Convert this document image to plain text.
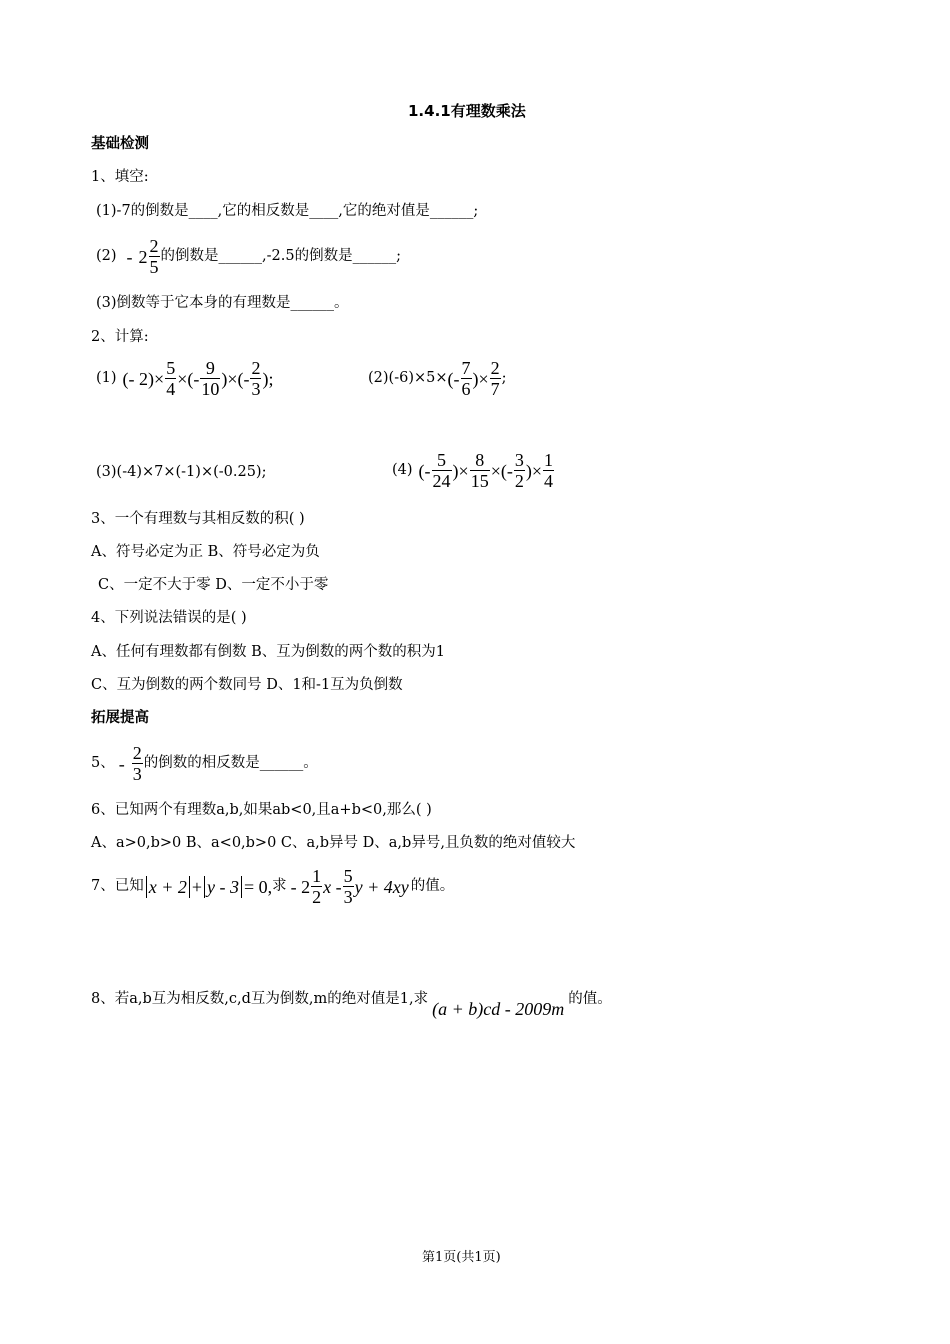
1.4.1有理数乘法
基础检测
1、填空:
(1)-7的倒数是____,它的相反数是____,它的绝对值是______;
$(2) - 2 \frac{2}{5}$ 的倒数是______,-2.5的倒数是______;
(3)倒数等于它本身的有理数是______。
2、计算:
(1) (- $2)\times \frac{5}{4}$ ×(- $\frac{9}{10}$ )×(- $\frac{2}{3}$ );	(2)(-6)×5× (- $\frac{7}{6}$ )× $\frac{2}{7}$ ;
(3)(-4)×7×(-1)×(-0.25);	(4) (- $\frac{5}{24}$ )× $\frac{8}{15}$ ×(- $\frac{3}{2}$ )× $\frac{1}{4}$
3、一个有理数与其相反数的积( )
A、符号必定为正 B、符号必定为负
C、一定不大于零 D、一定不小于零
4、下列说法错误的是( )
A、任何有理数都有倒数 B、互为倒数的两个数的积为1
C、互为倒数的两个数同号 D、1和-1互为负倒数
拓展提高
5、 - $\frac{2}{3}$ 的倒数的相反数是______。
6、已知两个有理数a,b,如果ab<0,且a+b<0,那么( )
A、a>0,b>0 B、a<0,b>0 C、a,b异号 D、a,b异号,且负数的绝对值较大
7、已知 x + 2 + y - 3 = 0, 求 - $2 \frac{1}{2}$ x - $\frac{5}{3}$ y + 4xy 的值。
8、若a,b互为相反数,c,d互为倒数,m的绝对值是1,求
(a + b)cd - 2009m
的值。
第1页(共1页)
